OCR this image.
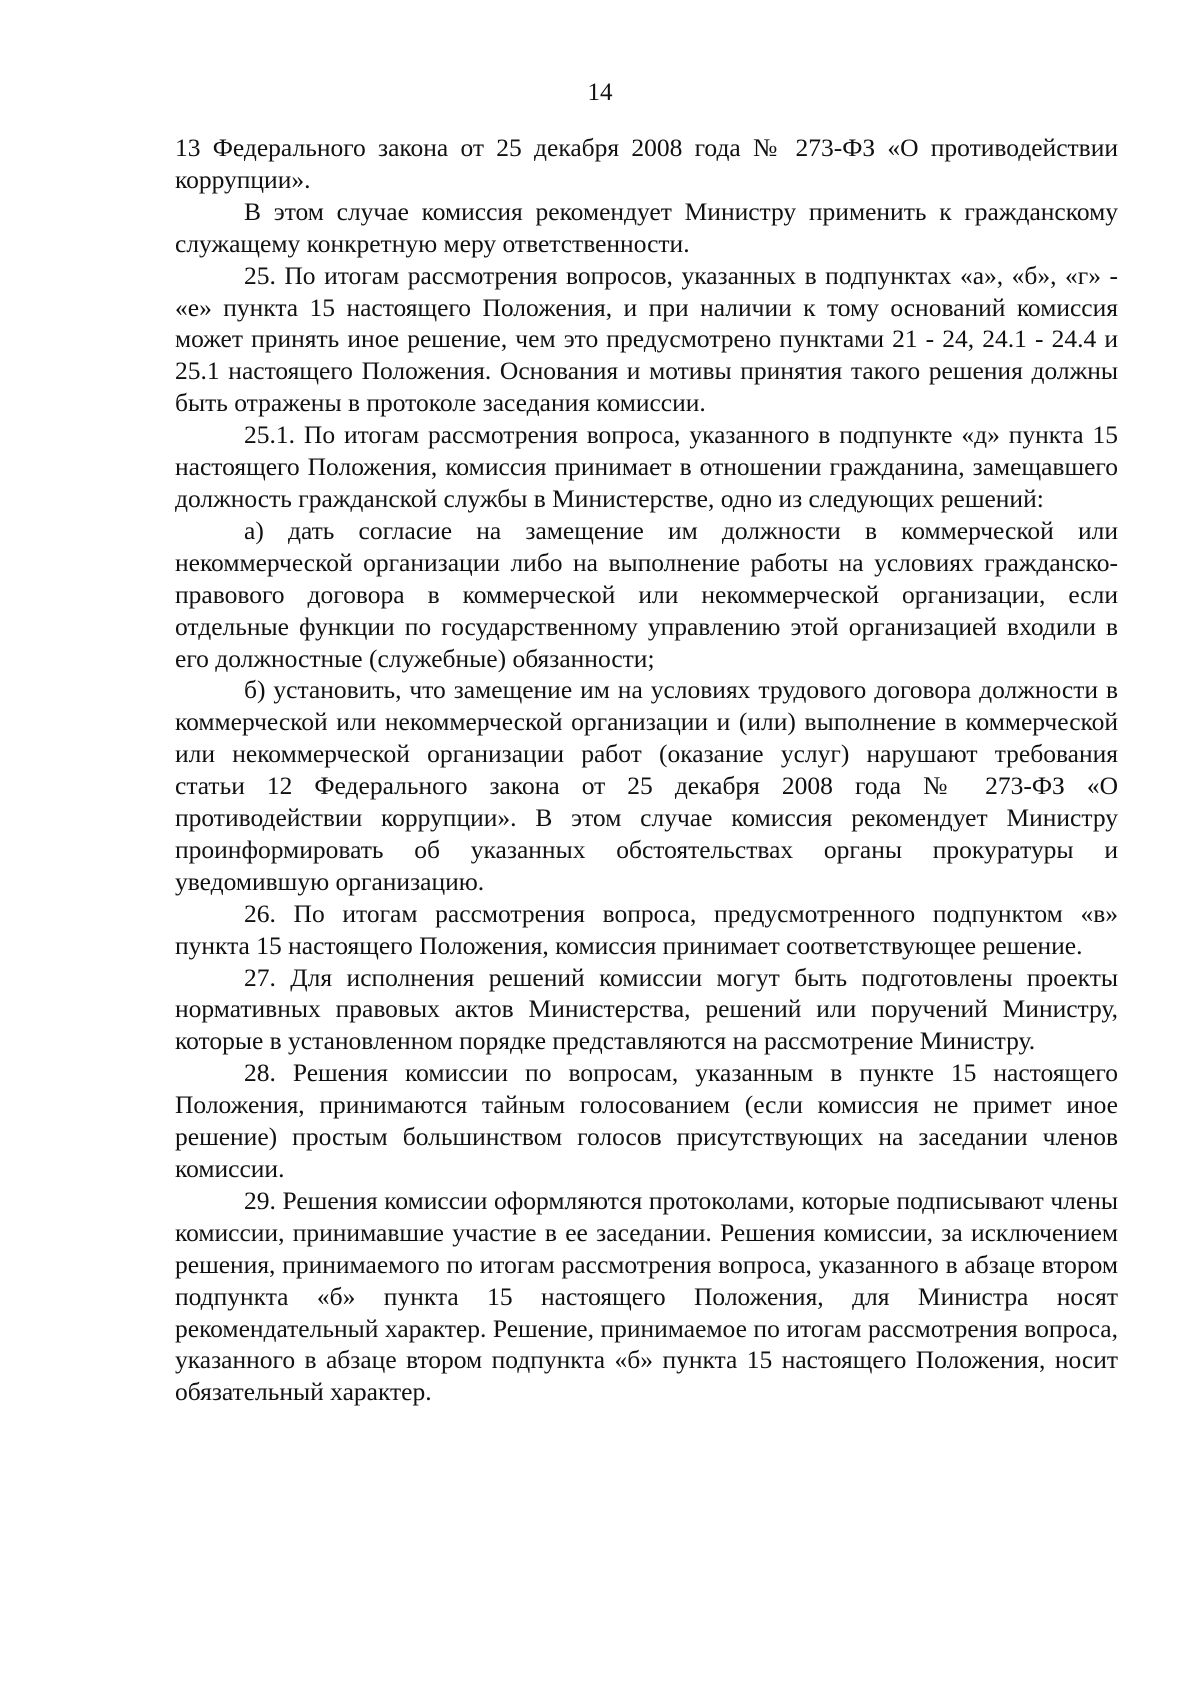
14

13 Федерального закона от 25 декабря 2008 года № 273-ФЗ «О противодействии коррупции».

В этом случае комиссия рекомендует Министру применить к гражданскому служащему конкретную меру ответственности.

25. По итогам рассмотрения вопросов, указанных в подпунктах «а», «б», «г» - «е» пункта 15 настоящего Положения, и при наличии к тому оснований комиссия может принять иное решение, чем это предусмотрено пунктами 21 - 24, 24.1 - 24.4 и 25.1 настоящего Положения. Основания и мотивы принятия такого решения должны быть отражены в протоколе заседания комиссии.

25.1. По итогам рассмотрения вопроса, указанного в подпункте «д» пункта 15 настоящего Положения, комиссия принимает в отношении гражданина, замещавшего должность гражданской службы в Министерстве, одно из следующих решений:

а) дать согласие на замещение им должности в коммерческой или некоммерческой организации либо на выполнение работы на условиях гражданско-правового договора в коммерческой или некоммерческой организации, если отдельные функции по государственному управлению этой организацией входили в его должностные (служебные) обязанности;

б) установить, что замещение им на условиях трудового договора должности в коммерческой или некоммерческой организации и (или) выполнение в коммерческой или некоммерческой организации работ (оказание услуг) нарушают требования статьи 12 Федерального закона от 25 декабря 2008 года № 273-ФЗ «О противодействии коррупции». В этом случае комиссия рекомендует Министру проинформировать об указанных обстоятельствах органы прокуратуры и уведомившую организацию.

26. По итогам рассмотрения вопроса, предусмотренного подпунктом «в» пункта 15 настоящего Положения, комиссия принимает соответствующее решение.

27. Для исполнения решений комиссии могут быть подготовлены проекты нормативных правовых актов Министерства, решений или поручений Министру, которые в установленном порядке представляются на рассмотрение Министру.

28. Решения комиссии по вопросам, указанным в пункте 15 настоящего Положения, принимаются тайным голосованием (если комиссия не примет иное решение) простым большинством голосов присутствующих на заседании членов комиссии.

29. Решения комиссии оформляются протоколами, которые подписывают члены комиссии, принимавшие участие в ее заседании. Решения комиссии, за исключением решения, принимаемого по итогам рассмотрения вопроса, указанного в абзаце втором подпункта «б» пункта 15 настоящего Положения, для Министра носят рекомендательный характер. Решение, принимаемое по итогам рассмотрения вопроса, указанного в абзаце втором подпункта «б» пункта 15 настоящего Положения, носит обязательный характер.
